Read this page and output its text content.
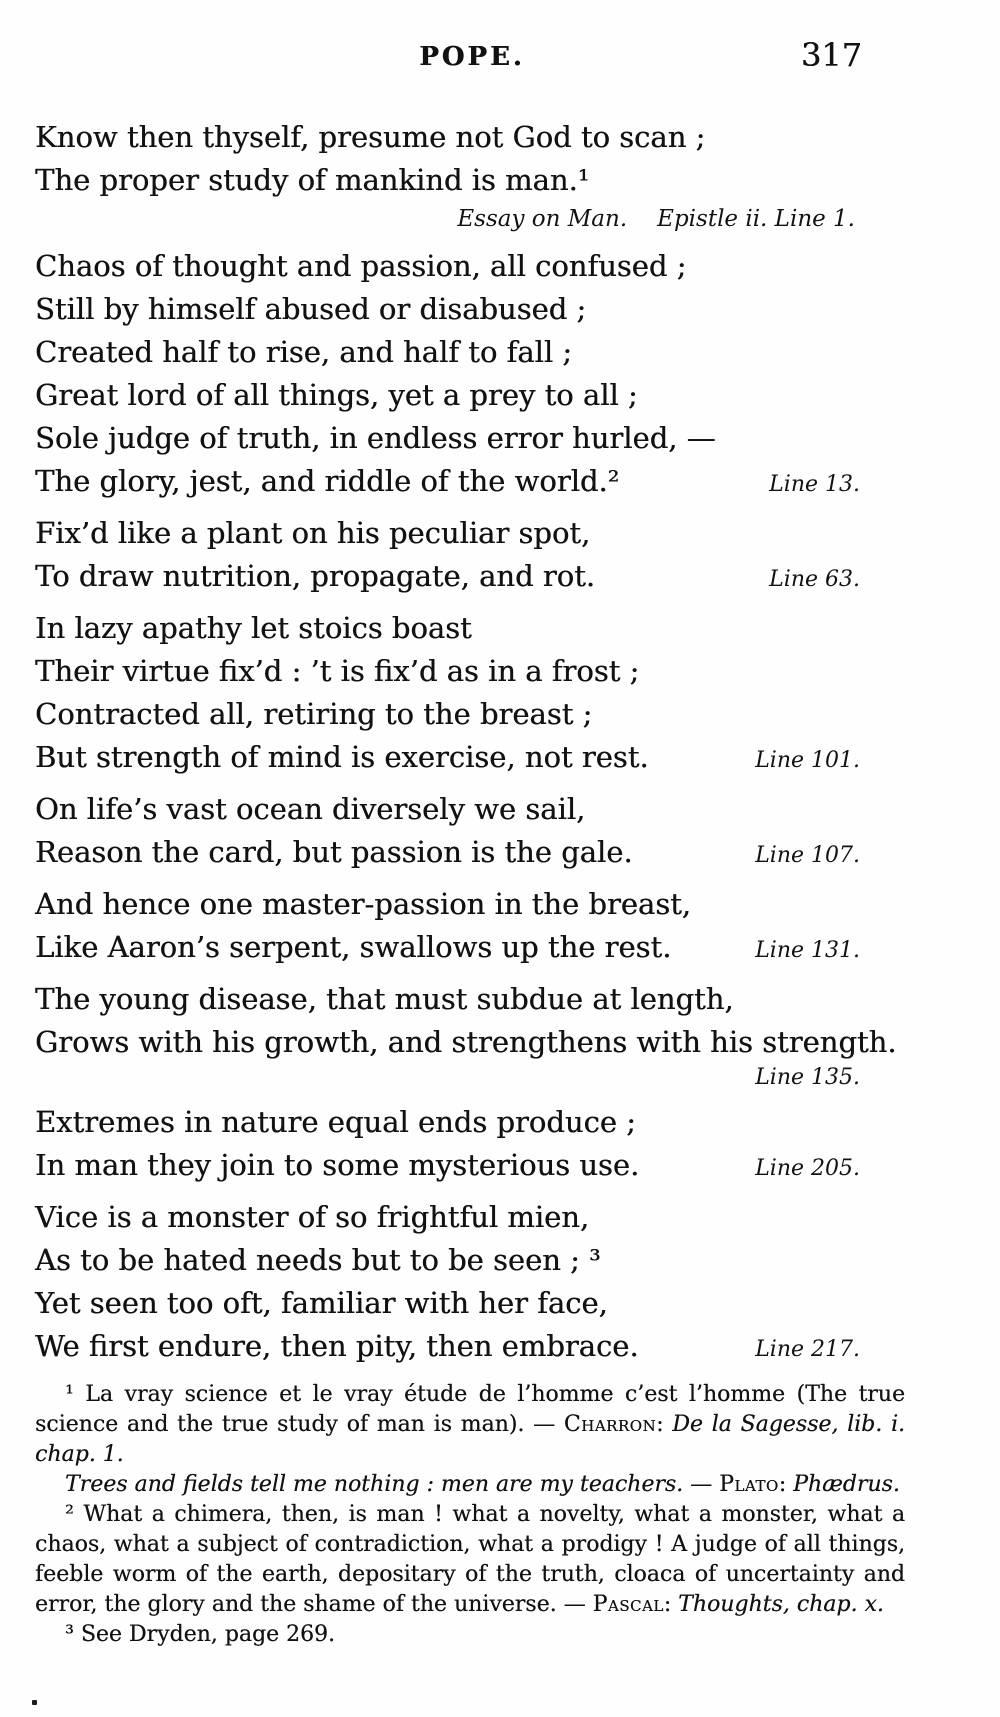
POPE.	317
Know then thyself, presume not God to scan ;
The proper study of mankind is man.¹
Essay on Man. Epistle ii. Line 1.
Chaos of thought and passion, all confused ;
Still by himself abused or disabused ;
Created half to rise, and half to fall ;
Great lord of all things, yet a prey to all ;
Sole judge of truth, in endless error hurled, —
The glory, jest, and riddle of the world.²	Line 13.
Fix’d like a plant on his peculiar spot,
To draw nutrition, propagate, and rot.	Line 63.
In lazy apathy let stoics boast
Their virtue fix’d : ’t is fix’d as in a frost ;
Contracted all, retiring to the breast ;
But strength of mind is exercise, not rest.	Line 101.
On life’s vast ocean diversely we sail,
Reason the card, but passion is the gale.	Line 107.
And hence one master-passion in the breast,
Like Aaron’s serpent, swallows up the rest.	Line 131.
The young disease, that must subdue at length,
Grows with his growth, and strengthens with his strength.
Line 135.
Extremes in nature equal ends produce ;
In man they join to some mysterious use.	Line 205.
Vice is a monster of so frightful mien,
As to be hated needs but to be seen ; ³
Yet seen too oft, familiar with her face,
We first endure, then pity, then embrace.	Line 217.

¹ La vray science et le vray étude de l’homme c’est l’homme (The true science and the true study of man is man). — Charron: De la Sagesse, lib. i. chap. 1.

Trees and fields tell me nothing : men are my teachers. — Plato: Phædrus.

² What a chimera, then, is man ! what a novelty, what a monster, what a chaos, what a subject of contradiction, what a prodigy ! A judge of all things, feeble worm of the earth, depositary of the truth, cloaca of uncertainty and error, the glory and the shame of the universe. — Pascal: Thoughts, chap. x.

³ See Dryden, page 269.
